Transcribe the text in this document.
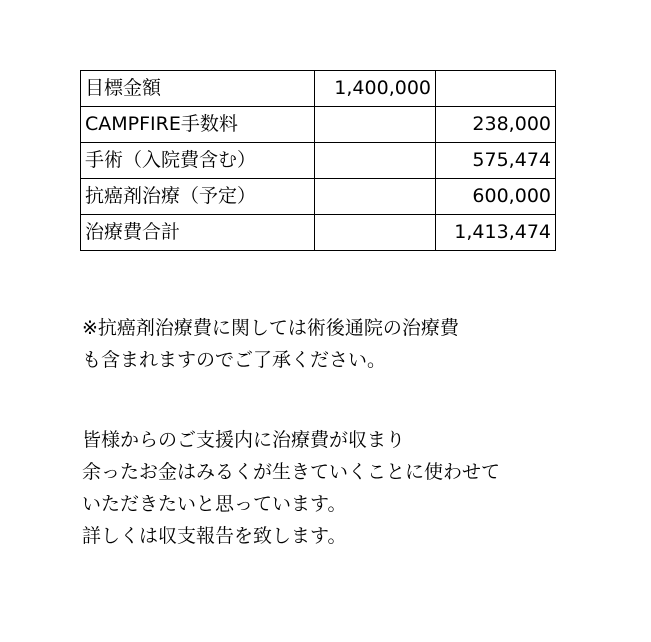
目標金額	1,400,000	
CAMPFIRE手数料		238,000
手術（入院費含む）		575,474
抗癌剤治療（予定）		600,000
治療費合計		1,413,474
※抗癌剤治療費に関しては術後通院の治療費
も含まれますのでご了承ください。
皆様からのご支援内に治療費が収まり
余ったお金はみるくが生きていくことに使わせて
いただきたいと思っています。
詳しくは収支報告を致します。
